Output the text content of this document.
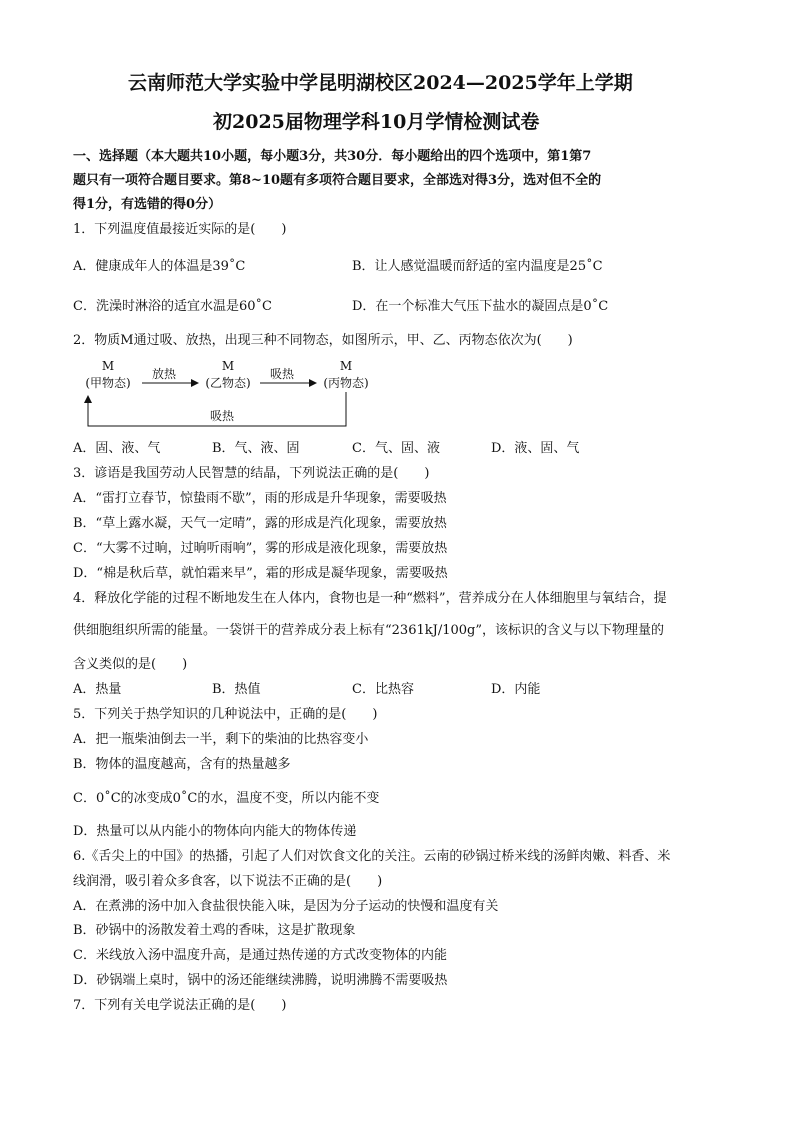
云南师范大学实验中学昆明湖校区2024—2025学年上学期
初2025届物理学科10月学情检测试卷
一、选择题（本大题共10小题，每小题3分，共30分．每小题给出的四个选项中，第1第7
题只有一项符合题目要求。第8~10题有多项符合题目要求，全部选对得3分，选对但不全的
得1分，有选错的得0分）
1．下列温度值最接近实际的是(　　)
A．健康成年人的体温是39˚C	B．让人感觉温暖而舒适的室内温度是25˚C
C．洗澡时淋浴的适宜水温是60˚C	D．在一个标准大气压下盐水的凝固点是0˚C
2．物质M通过吸、放热，出现三种不同物态，如图所示，甲、乙、丙物态依次为(　　)
M
(甲物态)
M
(乙物态)
M
(丙物态)
放热	吸热
吸热
A．固、液、气	B．气、液、固	C．气、固、液	D．液、固、气
3．谚语是我国劳动人民智慧的结晶，下列说法正确的是(　　)
A．“雷打立春节，惊蛰雨不歇”，雨的形成是升华现象，需要吸热
B．“草上露水凝，天气一定晴”，露的形成是汽化现象，需要放热
C．“大雾不过晌，过晌听雨响”，雾的形成是液化现象，需要放热
D．“棉是秋后草，就怕霜来早”，霜的形成是凝华现象，需要吸热
4．释放化学能的过程不断地发生在人体内，食物也是一种“燃料”，营养成分在人体细胞里与氧结合，提
供细胞组织所需的能量。一袋饼干的营养成分表上标有“2361kJ/100g”，该标识的含义与以下物理量的
含义类似的是(　　)
A．热量	B．热值	C．比热容	D．内能
5．下列关于热学知识的几种说法中，正确的是(　　)
A．把一瓶柴油倒去一半，剩下的柴油的比热容变小
B．物体的温度越高，含有的热量越多
C．0˚C的冰变成0˚C的水，温度不变，所以内能不变
D．热量可以从内能小的物体向内能大的物体传递
6.《舌尖上的中国》的热播，引起了人们对饮食文化的关注。云南的砂锅过桥米线的汤鲜肉嫩、料香、米
线润滑，吸引着众多食客，以下说法不正确的是(　　)
A．在煮沸的汤中加入食盐很快能入味，是因为分子运动的快慢和温度有关
B．砂锅中的汤散发着土鸡的香味，这是扩散现象
C．米线放入汤中温度升高，是通过热传递的方式改变物体的内能
D．砂锅端上桌时，锅中的汤还能继续沸腾，说明沸腾不需要吸热
7．下列有关电学说法正确的是(　　)
